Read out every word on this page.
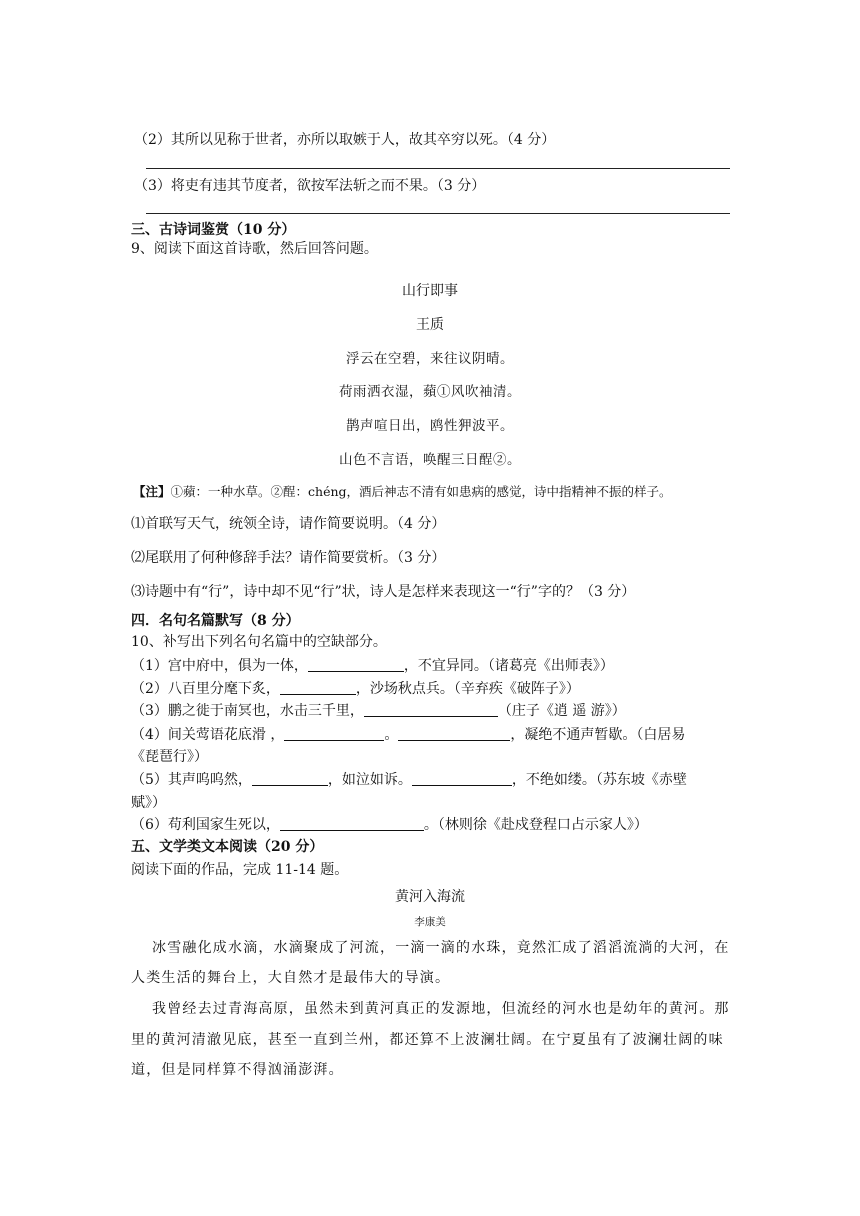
（2）其所以见称于世者，亦所以取嫉于人，故其卒穷以死。（4 分）
（3）将吏有违其节度者，欲按军法斩之而不果。（3 分）
三、古诗词鉴赏（10 分）
9、阅读下面这首诗歌，然后回答问题。
山行即事
王质
浮云在空碧，来往议阴晴。
荷雨洒衣湿，蘋①风吹袖清。
鹊声喧日出，鸥性狎波平。
山色不言语，唤醒三日酲②。
【注】①蘋：一种水草。②酲：chéng，酒后神志不清有如患病的感觉，诗中指精神不振的样子。
⑴首联写天气，统领全诗，请作简要说明。（4 分）
⑵尾联用了何种修辞手法？请作简要赏析。（3 分）
⑶诗题中有“行”，诗中却不见“行”状，诗人是怎样来表现这一“行”字的？（3 分）
四．名句名篇默写（8 分）
10、补写出下列名句名篇中的空缺部分。
（1）宫中府中，俱为一体，	，不宜异同。（诸葛亮《出师表》）
（2）八百里分麾下炙，	，沙场秋点兵。（辛弃疾《破阵子》）
（3）鹏之徙于南冥也，水击三千里，	（庄子《逍 遥 游》）
（4）间关莺语花底滑 ，	。	，凝绝不通声暂歇。（白居易
《琵琶行》）
（5）其声呜呜然，	，如泣如诉。	，不绝如缕。（苏东坡《赤壁
赋》）
（6）苟利国家生死以，	。（林则徐《赴戍登程口占示家人》）
五、文学类文本阅读（20 分）
阅读下面的作品，完成 11-14 题。
黄河入海流
李康美
冰雪融化成水滴，水滴聚成了河流，一滴一滴的水珠，竟然汇成了滔滔流淌的大河，在
人类生活的舞台上，大自然才是最伟大的导演。
我曾经去过青海高原，虽然未到黄河真正的发源地，但流经的河水也是幼年的黄河。那
里的黄河清澈见底，甚至一直到兰州，都还算不上波澜壮阔。在宁夏虽有了波澜壮阔的味
道，但是同样算不得汹涌澎湃。
